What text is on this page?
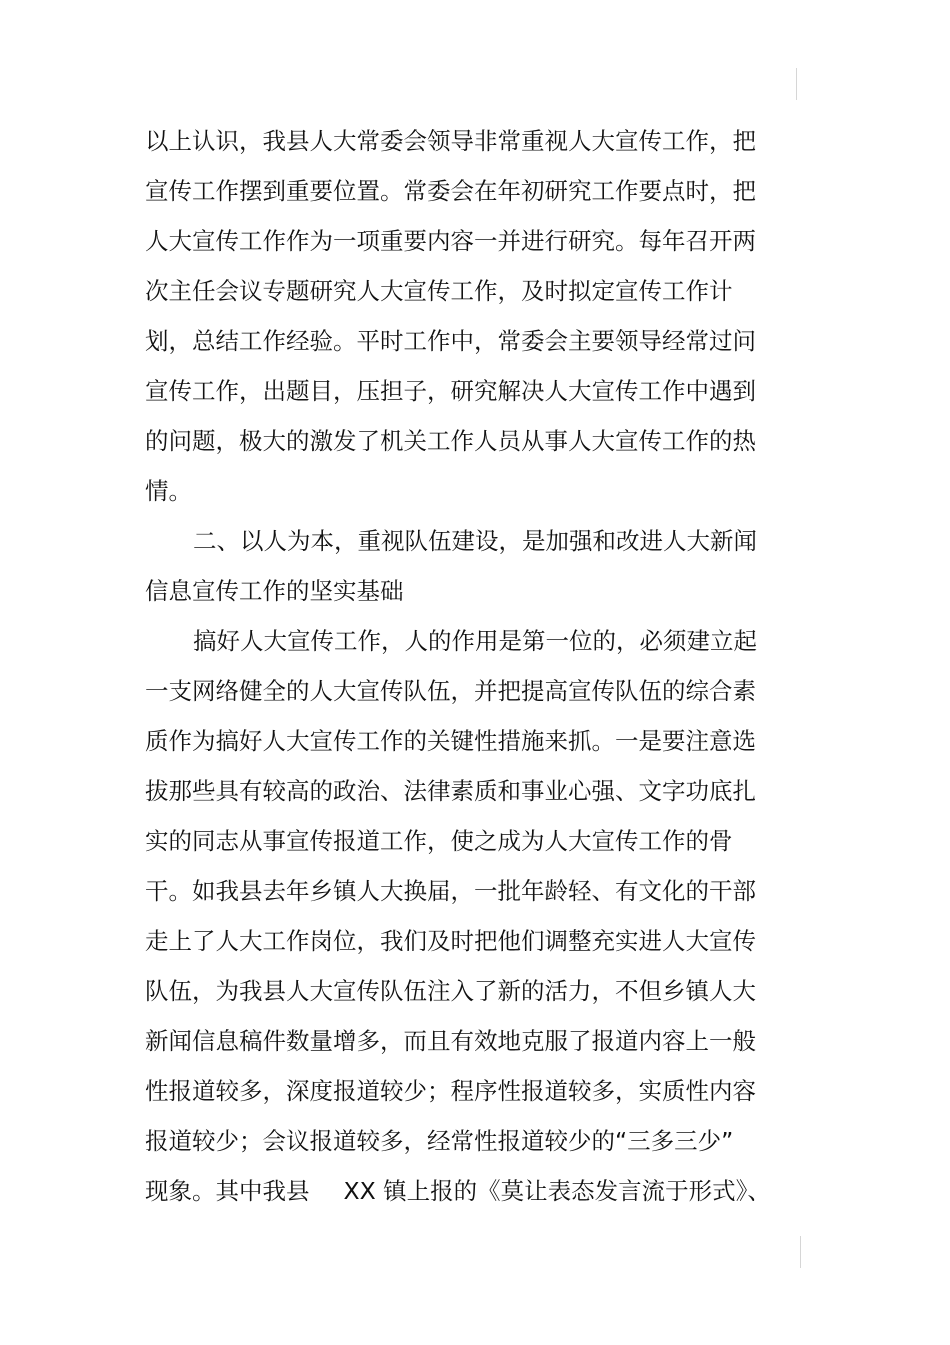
以上认识，我县人大常委会领导非常重视人大宣传工作，把
宣传工作摆到重要位置。常委会在年初研究工作要点时，把
人大宣传工作作为一项重要内容一并进行研究。每年召开两
次主任会议专题研究人大宣传工作，及时拟定宣传工作计
划，总结工作经验。平时工作中，常委会主要领导经常过问
宣传工作，出题目，压担子，研究解决人大宣传工作中遇到
的问题，极大的激发了机关工作人员从事人大宣传工作的热
情。
二、以人为本，重视队伍建设，是加强和改进人大新闻
信息宣传工作的坚实基础
搞好人大宣传工作，人的作用是第一位的，必须建立起
一支网络健全的人大宣传队伍，并把提高宣传队伍的综合素
质作为搞好人大宣传工作的关键性措施来抓。一是要注意选
拔那些具有较高的政治、法律素质和事业心强、文字功底扎
实的同志从事宣传报道工作，使之成为人大宣传工作的骨
干。如我县去年乡镇人大换届，一批年龄轻、有文化的干部
走上了人大工作岗位，我们及时把他们调整充实进人大宣传
队伍，为我县人大宣传队伍注入了新的活力，不但乡镇人大
新闻信息稿件数量增多，而且有效地克服了报道内容上一般
性报道较多，深度报道较少；程序性报道较多，实质性内容
报道较少；会议报道较多，经常性报道较少的“三多三少”
现象。其中我县 XX 镇上报的《莫让表态发言流于形式》、
